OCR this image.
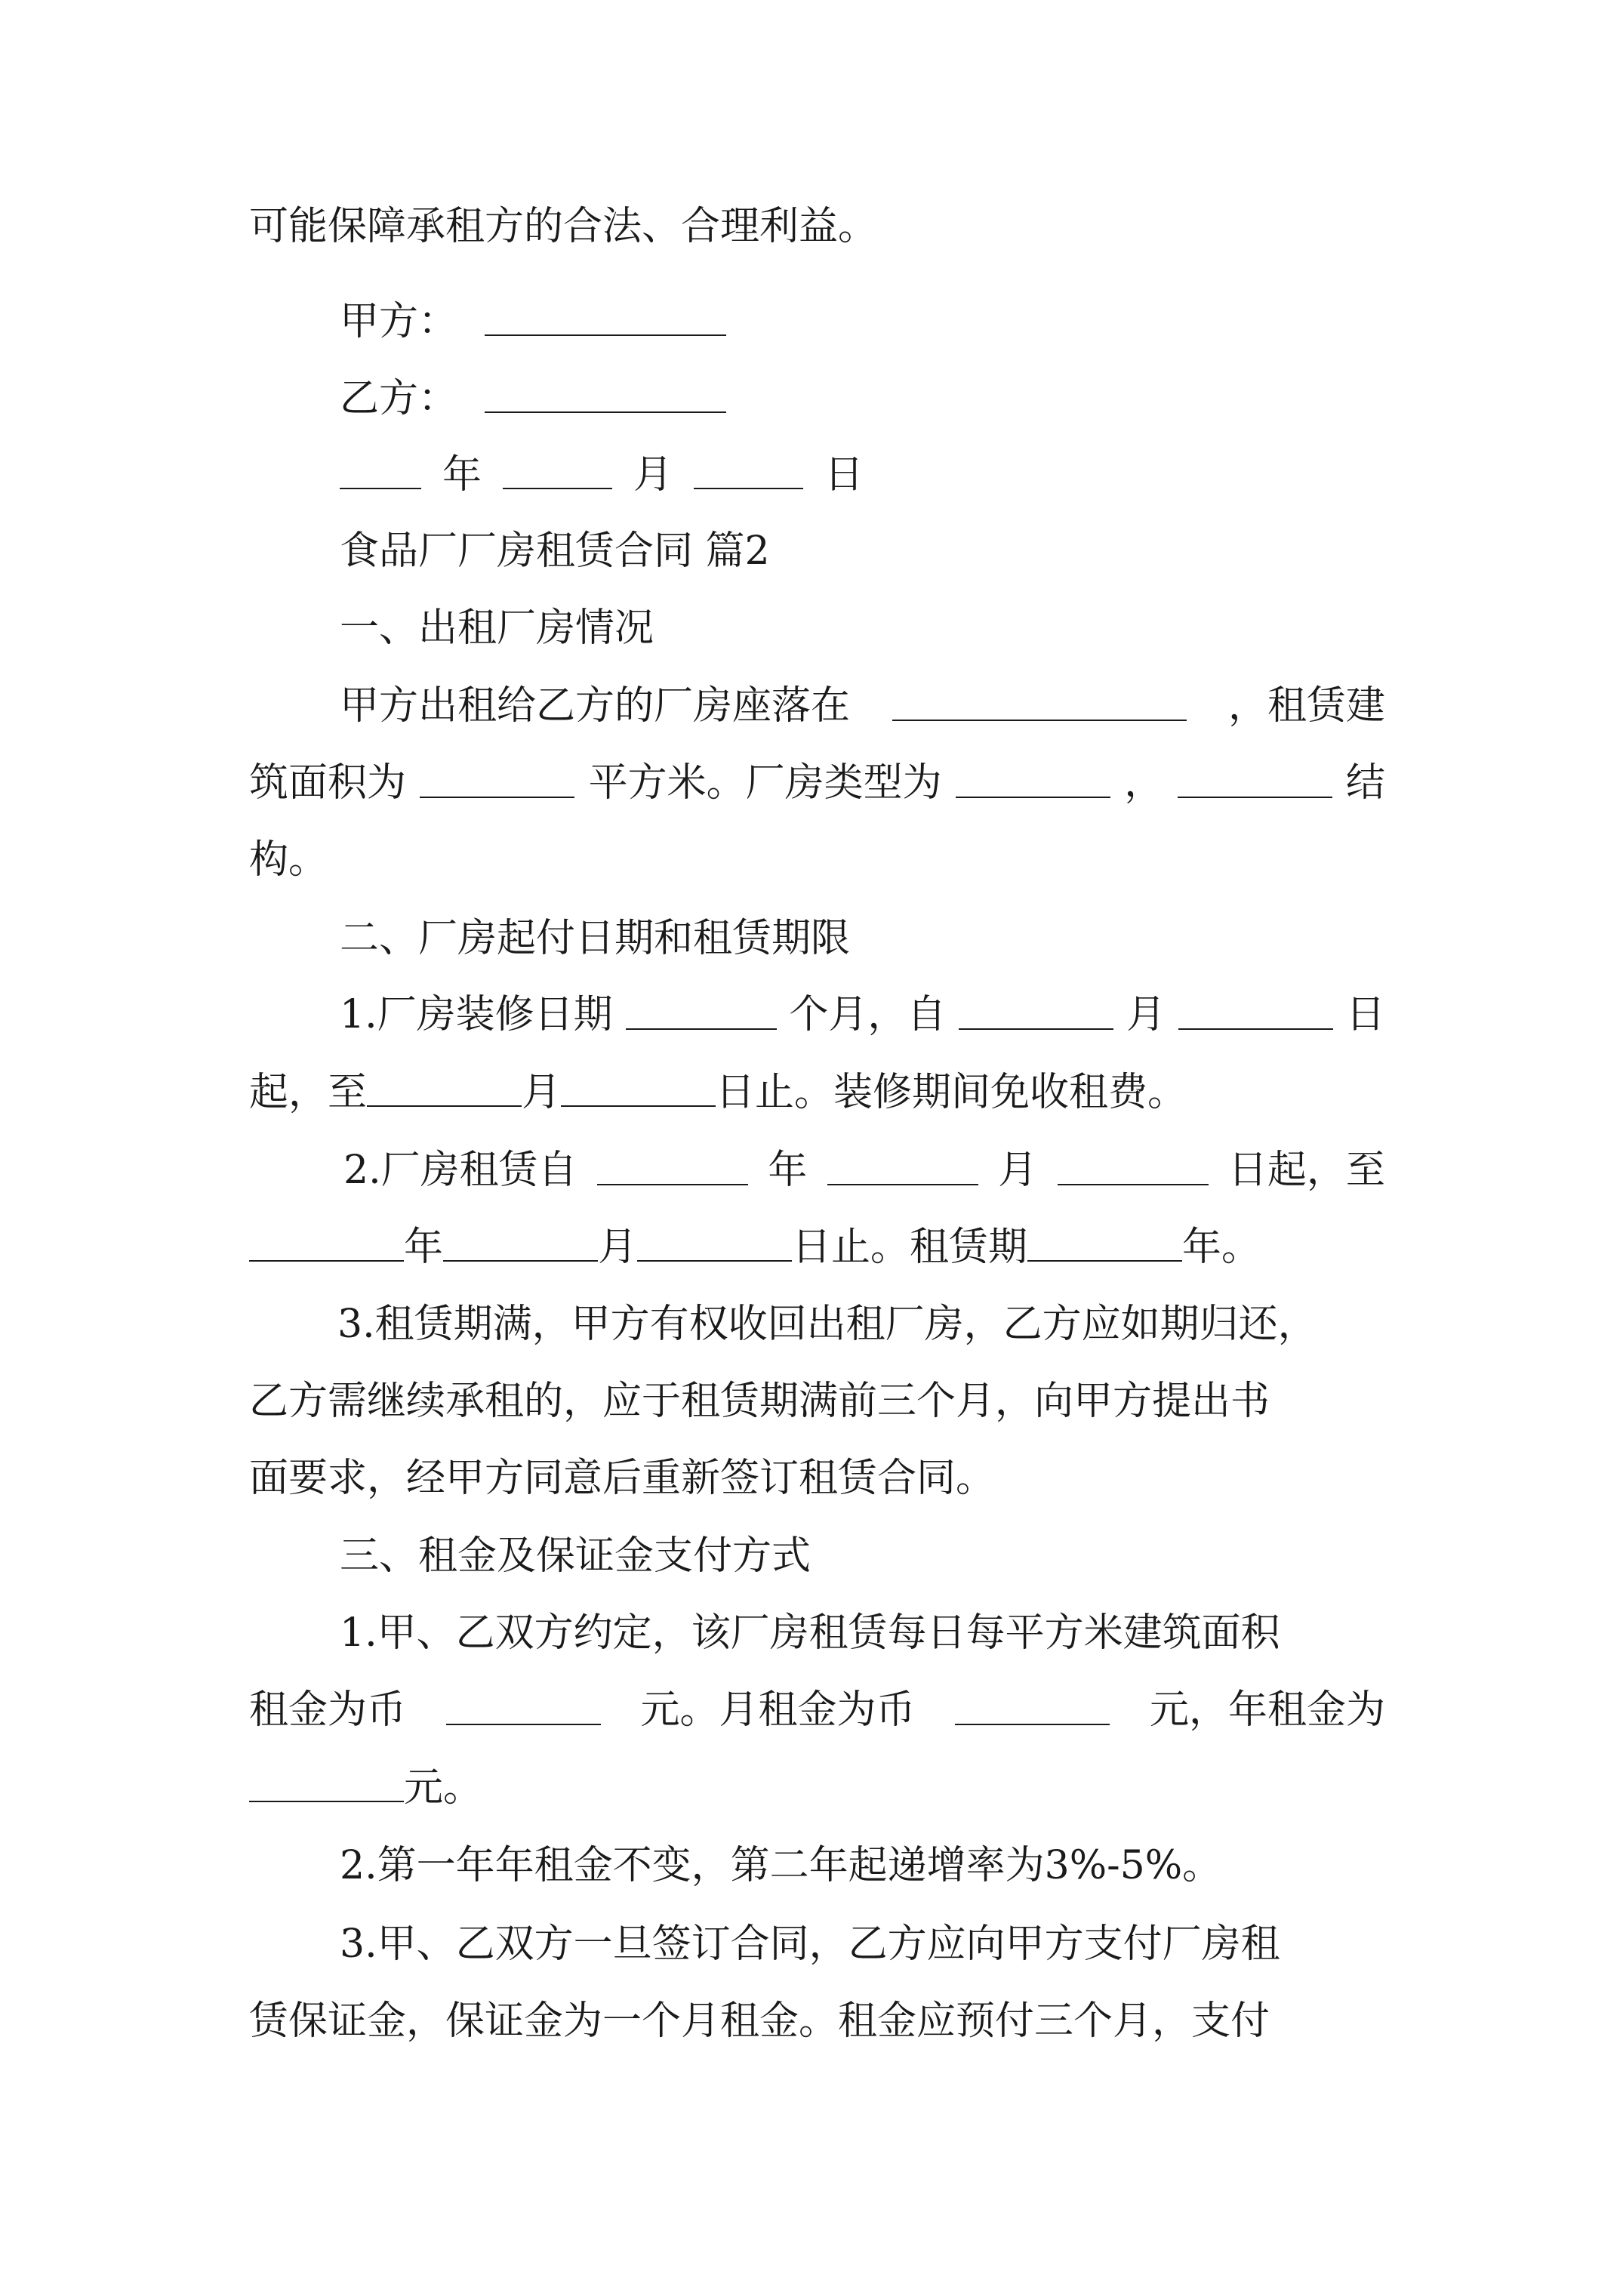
可能保障承租方的合法、合理利益。
甲方：
乙方：
年	月	日
食品厂厂房租赁合同 篇2
一、出租厂房情况
甲方出租给乙方的厂房座落在	，租赁建
筑面积为	平方米。厂房类型为	，	结
构。
二、厂房起付日期和租赁期限
1.厂房装修日期	个月，自	月	日
起，至	月	日止。装修期间免收租费。
2.厂房租赁自	年	月	日起，至
年	月	日止。租赁期	年。
3.租赁期满，甲方有权收回出租厂房，乙方应如期归还，
乙方需继续承租的，应于租赁期满前三个月，向甲方提出书
面要求，经甲方同意后重新签订租赁合同。
三、租金及保证金支付方式
1.甲、乙双方约定，该厂房租赁每日每平方米建筑面积
租金为币	元。月租金为币	元，年租金为
元。
2.第一年年租金不变，第二年起递增率为3%-5%。
3.甲、乙双方一旦签订合同，乙方应向甲方支付厂房租
赁保证金，保证金为一个月租金。租金应预付三个月，支付
